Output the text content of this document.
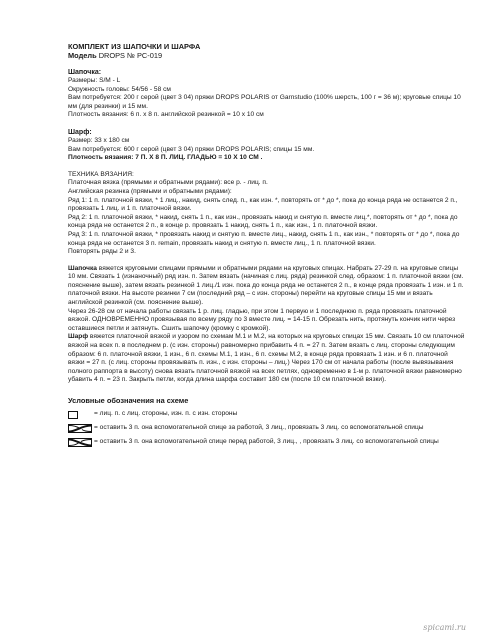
КОМПЛЕКТ ИЗ ШАПОЧКИ И ШАРФА
Модель DROPS № PC-019
Шапочка:
Размеры: S/M - L
Окружность головы: 54/56 - 58 см
Вам потребуется: 200 г серой (цвет 3 04) пряжи DROPS POLARIS от Garnstudio (100% шерсть, 100 г = 36 м); круговые спицы 10 мм (для резинки) и 15 мм.
Плотность вязания: 6 п. х 8 п. английской резинкой = 10 х 10 см
Шарф:
Размер: 33 х 180 см
Вам потребуется: 600 г серой (цвет 3 04) пряжи DROPS POLARIS; спицы 15 мм.
Плотность вязания: 7 П. Х 8 П. ЛИЦ. ГЛАДЬЮ = 10 Х 10 СМ .
ТЕХНИКА ВЯЗАНИЯ:
Платочная вязка (прямыми и обратными рядами): все р. - лиц. п.
Английская резинка (прямыми и обратными рядами):
Ряд 1: 1 п. платочной вязки, * 1 лиц., накид, снять след. п., как изн. *, повторять от * до *, пока до конца ряда не останется 2 п., провязать 1 лиц. и 1 п. платочной вязки.
Ряд 2: 1 п. платочной вязки, * накид, снять 1 п., как изн., провязать накид и снятую п. вместе лиц.*, повторять от * до *, пока до конца ряда не останется 2 п., в конце р. провязать 1 накид, снять 1 п., как изн., 1 п. платочной вязки.
Ряд 3: 1 п. платочной вязки, * провязать накид и снятую п. вместе лиц., накид, снять 1 п., как изн., * повторять от * до *, пока до конца ряда не останется 3 п. remain, провязать накид и снятую п. вместе лиц., 1 п. платочной вязки.
Повторять ряды 2 и 3.
Шапочка вяжется круговыми спицами прямыми и обратными рядами на круговых спицах. Набрать 27-29 п. на круговые спицы 10 мм. Связать 1 (изнаночный) ряд изн. п. Затем вязать (начиная с лиц. ряда) резинкой след. образом: 1 п. платочной вязки (см. пояснение выше), затем вязать резинкой 1 лиц./1 изн. пока до конца ряда не останется 2 п., в конце ряда провязать 1 изн. и 1 п. платочной вязки. На высоте резинки 7 см (последний ряд – с изн. стороны) перейти на круговые спицы 15 мм и вязать английской резинкой (см. пояснение выше).
Через 26-28 см от начала работы связать 1 р. лиц. гладью, при этом 1 первую и 1 последнюю п. ряда провязать платочной вязкой. ОДНОВРЕМЕННО провязывая по всему ряду по 3 вместе лиц. = 14-15 п. Обрезать нить, протянуть кончик нити через оставшиеся петли и затянуть. Сшить шапочку (кромку с кромкой).
Шарф вяжется платочной вязкой и узором по схемам М.1 и М.2, на которых на круговых спицах 15 мм. Связать 10 см платочной вязкой на всех п. в последнем р. (с изн. стороны) равномерно прибавить 4 п. = 27 п. Затем вязать с лиц. стороны следующим образом: 6 п. платочной вязки, 1 изн., 6 п. схемы М.1, 1 изн., 6 п. схемы М.2, в конце ряда провязать 1 изн. и 6 п. платочной вязки = 27 п. (с лиц. стороны провязывать п. изн., с изн. стороны – лиц.) Через 170 см от начала работы (после вывязывания полного раппорта в высоту) снова вязать платочной вязкой на всех петлях, одновременно в 1-м р. платочной вязки равномерно убавить 4 п. = 23 п. Закрыть петли, когда длина шарфа составит 180 см (после 10 см платочной вязки).
Условные обозначения на схеме
= лиц. п. с лиц. стороны, изн. п. с изн. стороны
= оставить 3 п. она вспомогательной спице за работой, 3 лиц., провязать 3 лиц. со вспомогательной спицы
= оставить 3 п. она вспомогательной спице перед работой, 3 лиц., , провязать 3 лиц. со вспомогательной спицы
spicami.ru
